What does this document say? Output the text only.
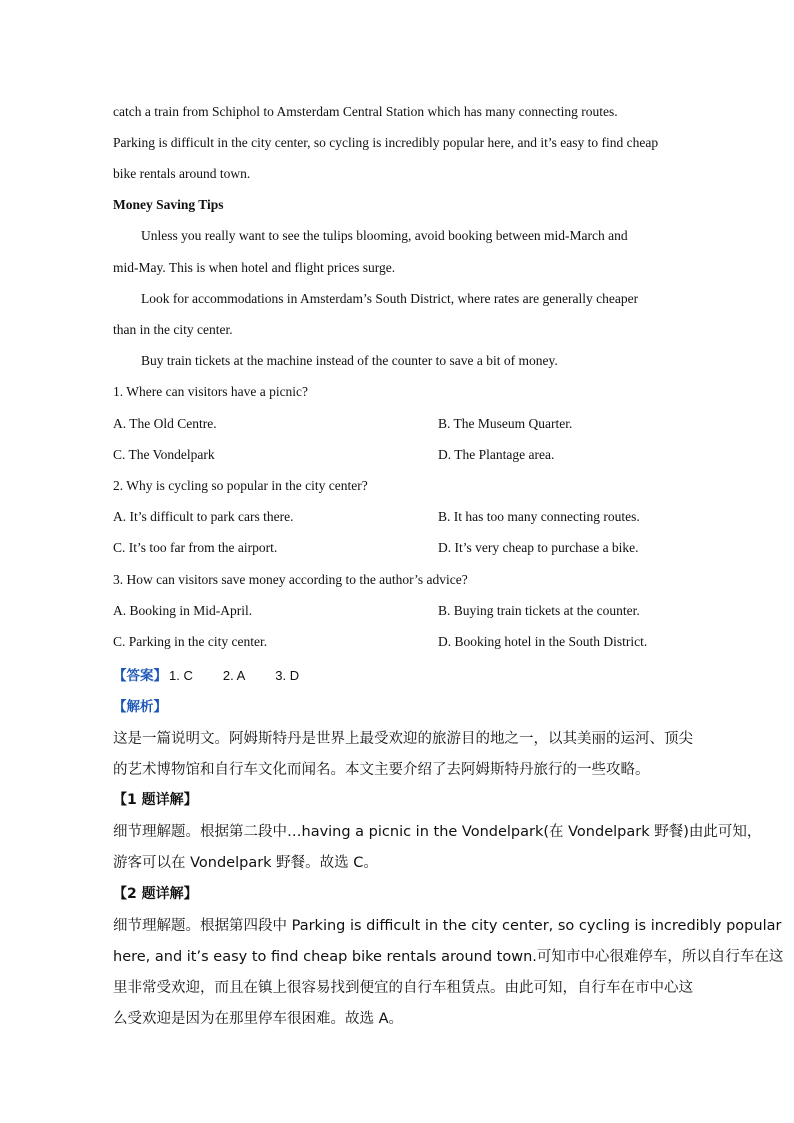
catch a train from Schiphol to Amsterdam Central Station which has many connecting routes.
Parking is difficult in the city center, so cycling is incredibly popular here, and it’s easy to find cheap
bike rentals around town.
Money Saving Tips
Unless you really want to see the tulips blooming, avoid booking between mid-March and
mid-May. This is when hotel and flight prices surge.
Look for accommodations in Amsterdam’s South District, where rates are generally cheaper
than in the city center.
Buy train tickets at the machine instead of the counter to save a bit of money.
1. Where can visitors have a picnic?
A. The Old Centre.	B. The Museum Quarter.
C. The Vondelpark	D. The Plantage area.
2. Why is cycling so popular in the city center?
A. It’s difficult to park cars there.	B. It has too many connecting routes.
C. It’s too far from the airport.	D. It’s very cheap to purchase a bike.
3. How can visitors save money according to the author’s advice?
A. Booking in Mid-April.	B. Buying train tickets at the counter.
C. Parking in the city center.	D. Booking hotel in the South District.
【答案】 1. C 2. A 3. D
【解析】
这是一篇说明文。阿姆斯特丹是世界上最受欢迎的旅游目的地之一，以其美丽的运河、顶尖
的艺术博物馆和自行车文化而闻名。本文主要介绍了去阿姆斯特丹旅行的一些攻略。
【1 题详解】
细节理解题。根据第二段中…having a picnic in the Vondelpark(在 Vondelpark 野餐)由此可知，
游客可以在 Vondelpark 野餐。故选 C。
【2 题详解】
细节理解题。根据第四段中 Parking is difficult in the city center, so cycling is incredibly popular
here, and it’s easy to find cheap bike rentals around town.可知市中心很难停车，所以自行车在这
里非常受欢迎，而且在镇上很容易找到便宜的自行车租赁点。由此可知，自行车在市中心这
么受欢迎是因为在那里停车很困难。故选 A。
